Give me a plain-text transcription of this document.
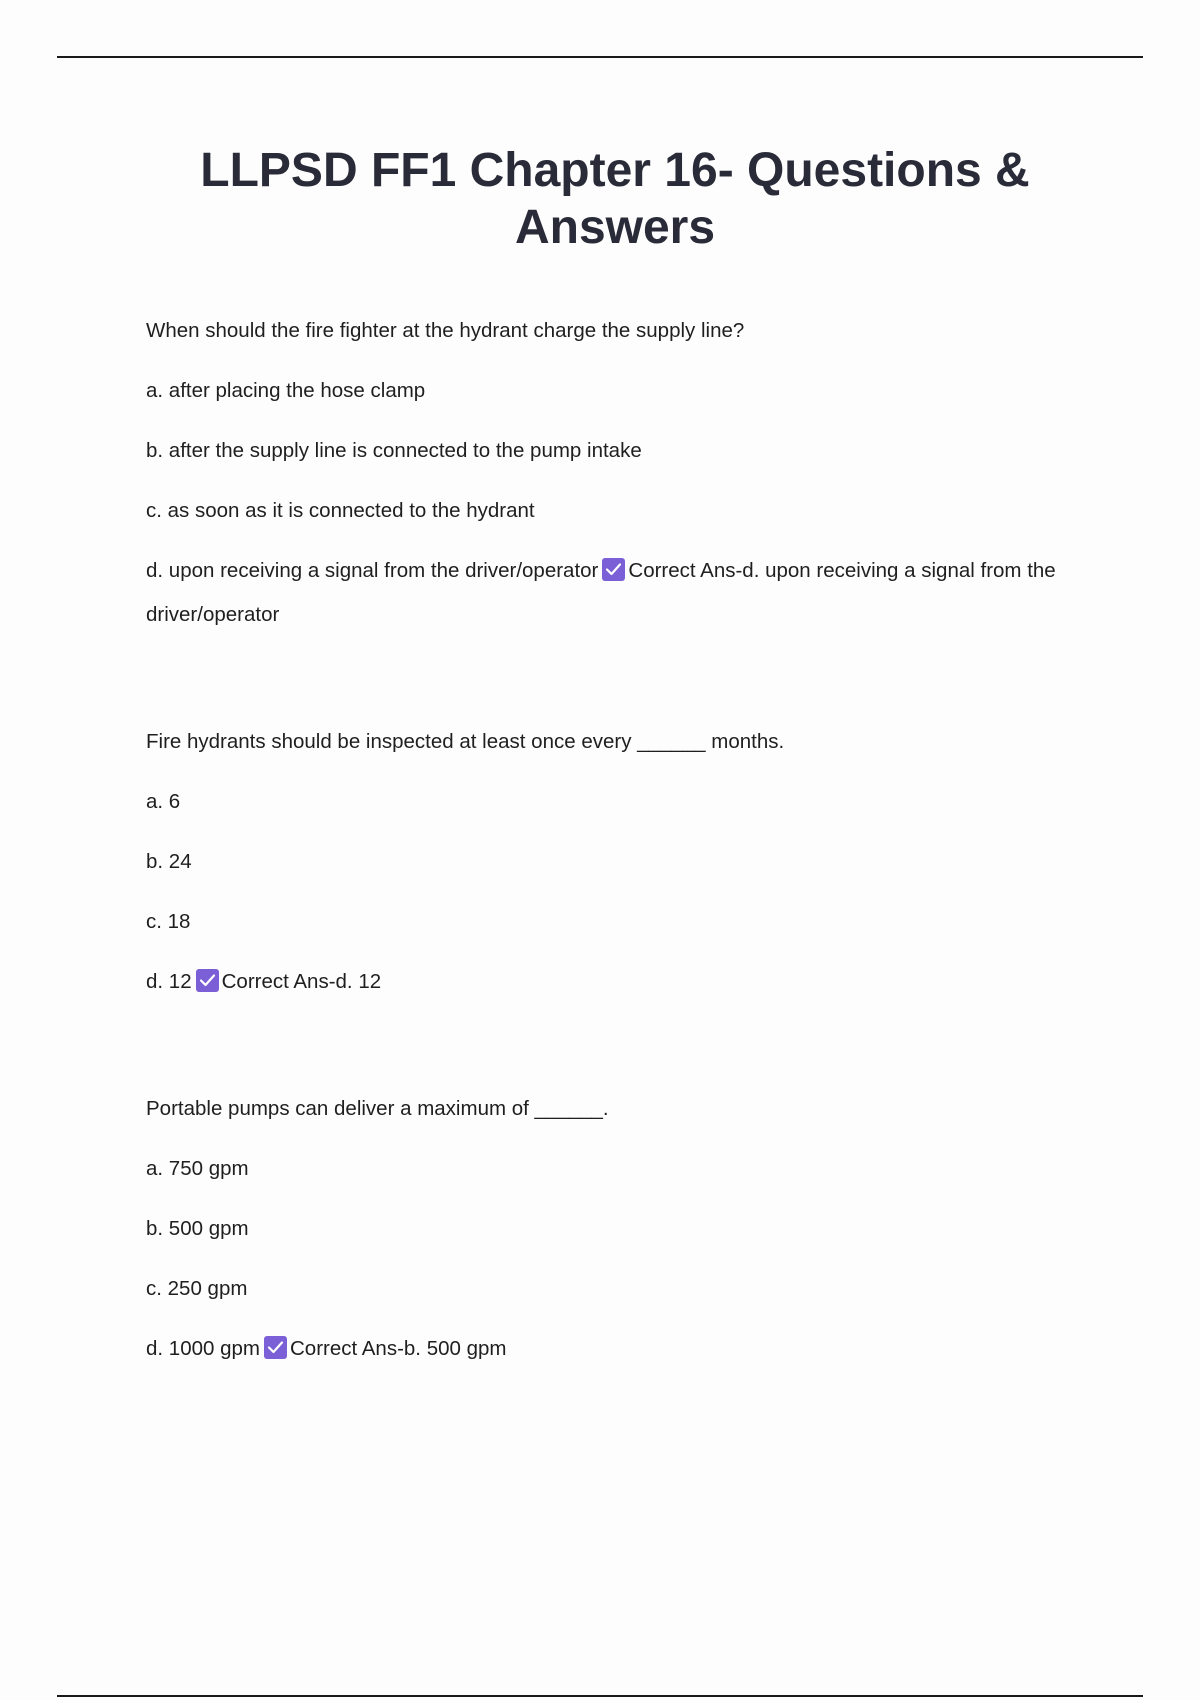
LLPSD FF1 Chapter 16- Questions & Answers
When should the fire fighter at the hydrant charge the supply line?
a. after placing the hose clamp
b. after the supply line is connected to the pump intake
c. as soon as it is connected to the hydrant
d. upon receiving a signal from the driver/operator Correct Ans-d. upon receiving a signal from the driver/operator
Fire hydrants should be inspected at least once every ______ months.
a. 6
b. 24
c. 18
d. 12 Correct Ans-d. 12
Portable pumps can deliver a maximum of ______.
a. 750 gpm
b. 500 gpm
c. 250 gpm
d. 1000 gpm Correct Ans-b. 500 gpm
